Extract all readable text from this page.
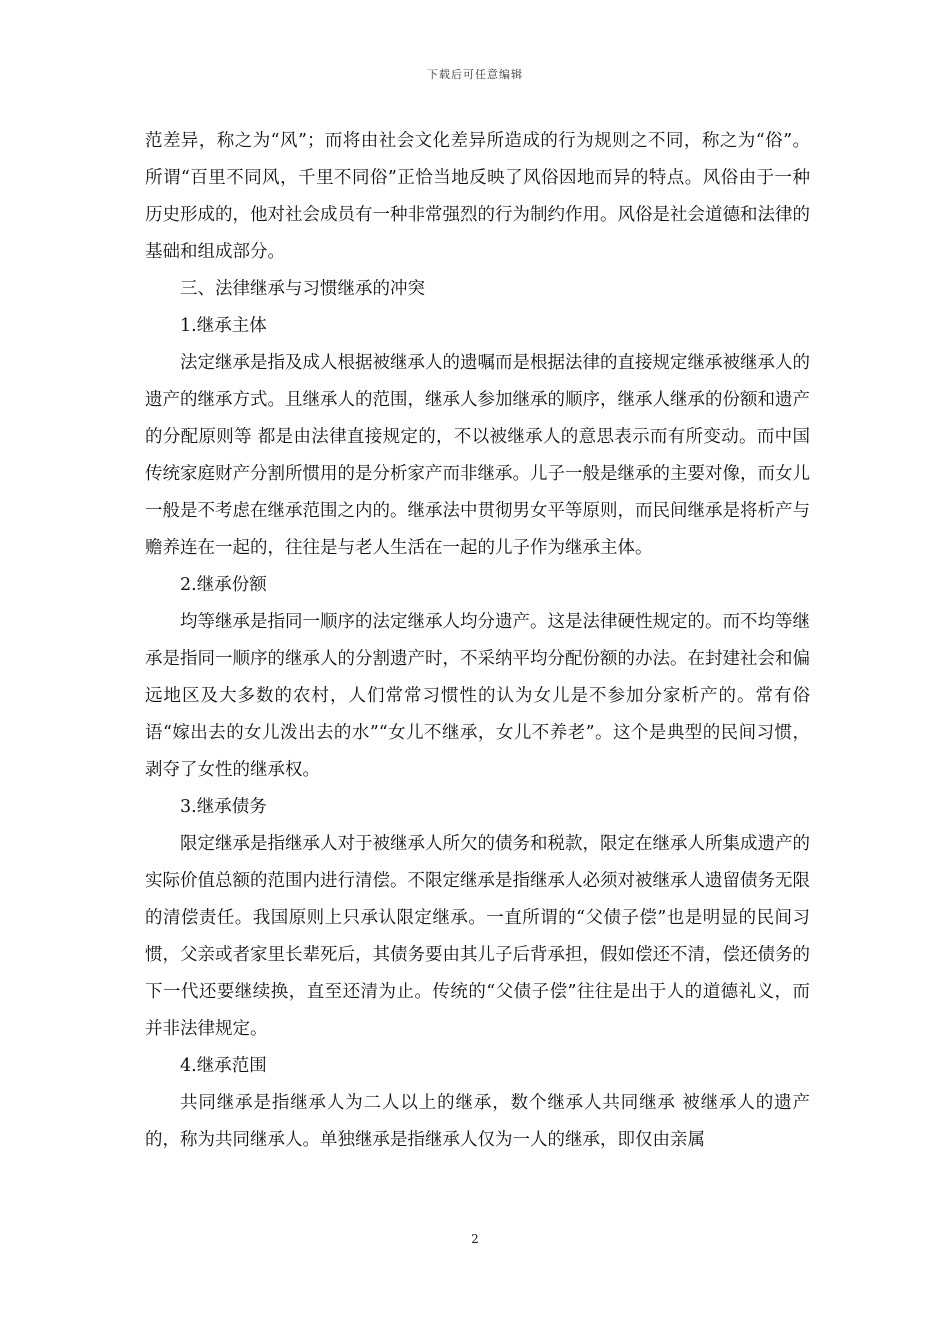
下载后可任意编辑

范差异，称之为“风”；而将由社会文化差异所造成的行为规则之不同，称之为“俗”。所谓“百里不同风，千里不同俗”正恰当地反映了风俗因地而异的特点。风俗由于一种历史形成的，他对社会成员有一种非常强烈的行为制约作用。风俗是社会道德和法律的基础和组成部分。

三、法律继承与习惯继承的冲突

1.继承主体

法定继承是指及成人根据被继承人的遗嘱而是根据法律的直接规定继承被继承人的遗产的继承方式。且继承人的范围，继承人参加继承的顺序，继承人继承的份额和遗产的分配原则等 都是由法律直接规定的，不以被继承人的意思表示而有所变动。而中国传统家庭财产分割所惯用的是分析家产而非继承。儿子一般是继承的主要对像，而女儿一般是不考虑在继承范围之内的。继承法中贯彻男女平等原则，而民间继承是将析产与赡养连在一起的，往往是与老人生活在一起的儿子作为继承主体。

2.继承份额

均等继承是指同一顺序的法定继承人均分遗产。这是法律硬性规定的。而不均等继承是指同一顺序的继承人的分割遗产时，不采纳平均分配份额的办法。在封建社会和偏远地区及大多数的农村，人们常常习惯性的认为女儿是不参加分家析产的。常有俗语“嫁出去的女儿泼出去的水”“女儿不继承，女儿不养老”。这个是典型的民间习惯，剥夺了女性的继承权。

3.继承债务

限定继承是指继承人对于被继承人所欠的债务和税款，限定在继承人所集成遗产的实际价值总额的范围内进行清偿。不限定继承是指继承人必须对被继承人遗留债务无限的清偿责任。我国原则上只承认限定继承。一直所谓的“父债子偿”也是明显的民间习惯，父亲或者家里长辈死后，其债务要由其儿子后背承担，假如偿还不清，偿还债务的下一代还要继续换，直至还清为止。传统的“父债子偿”往往是出于人的道德礼义，而并非法律规定。

4.继承范围

共同继承是指继承人为二人以上的继承，数个继承人共同继承 被继承人的遗产的，称为共同继承人。单独继承是指继承人仅为一人的继承，即仅由亲属

2
